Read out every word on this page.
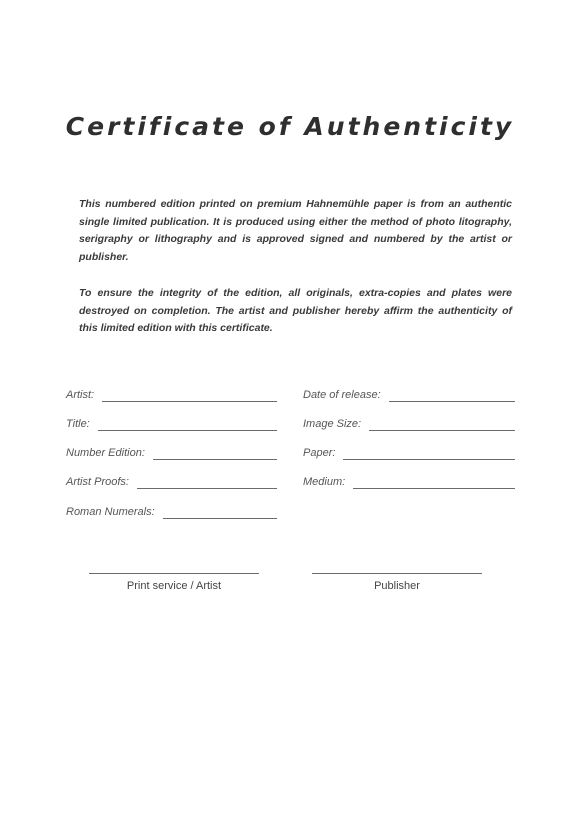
Certificate of Authenticity
This numbered edition printed on premium Hahnemühle paper is from an authentic single limited publication. It is produced using either the method of photo litography, serigraphy or lithography and is approved signed and numbered by the artist or publisher.
To ensure the integrity of the edition, all originals, extra-copies and plates were destroyed on completion. The artist and publisher hereby affirm the authenticity of this limited edition with this certificate.
Artist:
Title:
Number Edition:
Artist Proofs:
Roman Numerals:
Date of release:
Image Size:
Paper:
Medium:
Print service / Artist	Publisher
